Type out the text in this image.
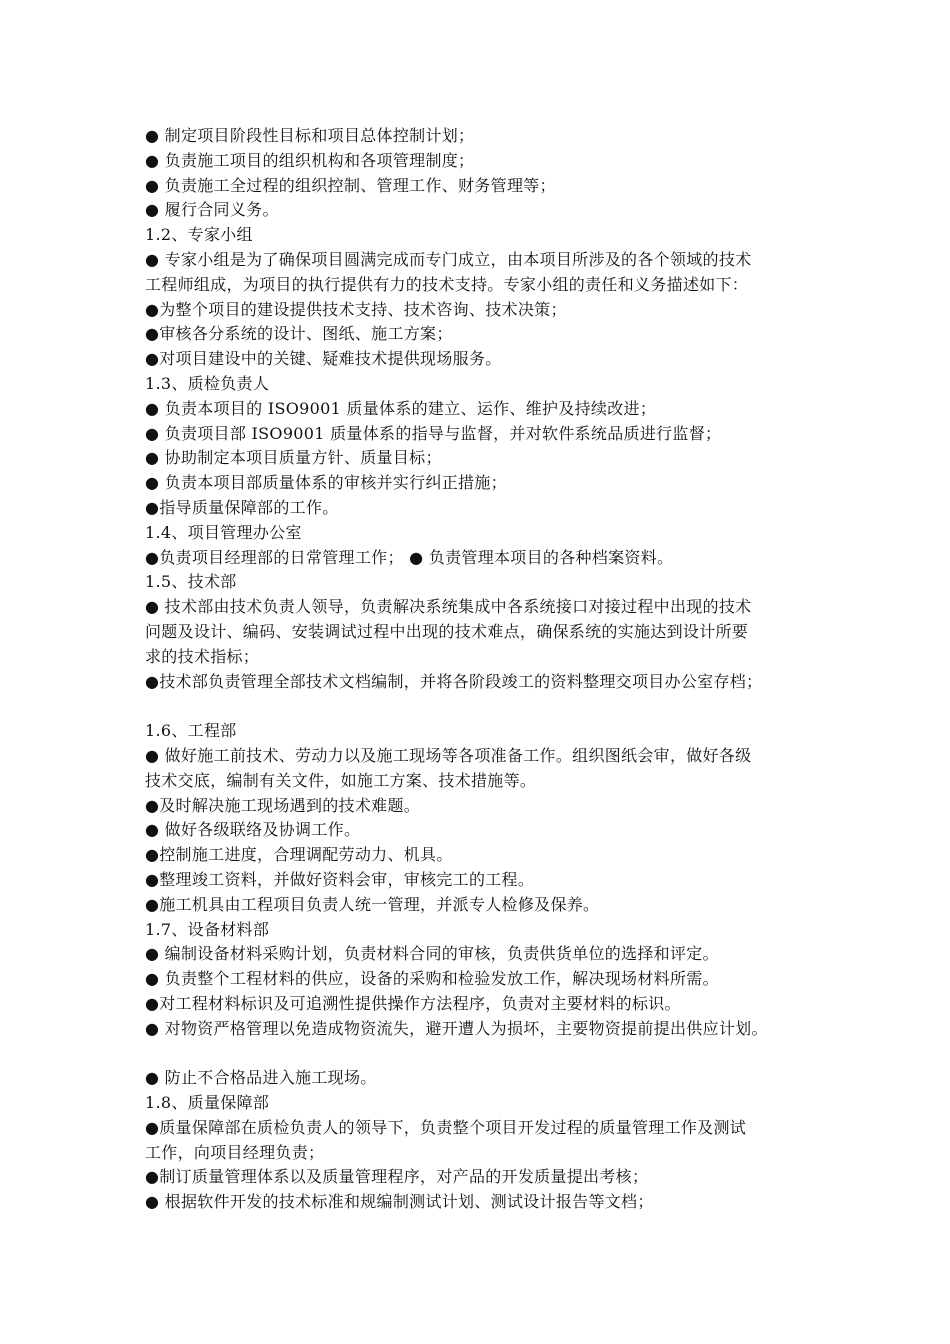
● 制定项目阶段性目标和项目总体控制计划；
● 负责施工项目的组织机构和各项管理制度；
● 负责施工全过程的组织控制、管理工作、财务管理等；
● 履行合同义务。
1.2、专家小组
● 专家小组是为了确保项目圆满完成而专门成立，由本项目所涉及的各个领域的技术
工程师组成，为项目的执行提供有力的技术支持。专家小组的责任和义务描述如下：
●为整个项目的建设提供技术支持、技术咨询、技术决策；
●审核各分系统的设计、图纸、施工方案；
●对项目建设中的关键、疑难技术提供现场服务。
1.3、质检负责人
● 负责本项目的 ISO9001 质量体系的建立、运作、维护及持续改进；
● 负责项目部 ISO9001 质量体系的指导与监督，并对软件系统品质进行监督；
● 协助制定本项目质量方针、质量目标；
● 负责本项目部质量体系的审核并实行纠正措施；
●指导质量保障部的工作。
1.4、项目管理办公室
●负责项目经理部的日常管理工作； ● 负责管理本项目的各种档案资料。
1.5、技术部
● 技术部由技术负责人领导，负责解决系统集成中各系统接口对接过程中出现的技术
问题及设计、编码、安装调试过程中出现的技术难点，确保系统的实施达到设计所要
求的技术指标；
●技术部负责管理全部技术文档编制，并将各阶段竣工的资料整理交项目办公室存档；
1.6、工程部
● 做好施工前技术、劳动力以及施工现场等各项准备工作。组织图纸会审，做好各级
技术交底，编制有关文件，如施工方案、技术措施等。
●及时解决施工现场遇到的技术难题。
● 做好各级联络及协调工作。
●控制施工进度，合理调配劳动力、机具。
●整理竣工资料，并做好资料会审，审核完工的工程。
●施工机具由工程项目负责人统一管理，并派专人检修及保养。
1.7、设备材料部
● 编制设备材料采购计划，负责材料合同的审核，负责供货单位的选择和评定。
● 负责整个工程材料的供应，设备的采购和检验发放工作，解决现场材料所需。
●对工程材料标识及可追溯性提供操作方法程序，负责对主要材料的标识。
● 对物资严格管理以免造成物资流失，避开遭人为损坏，主要物资提前提出供应计划。
● 防止不合格品进入施工现场。
1.8、质量保障部
●质量保障部在质检负责人的领导下，负责整个项目开发过程的质量管理工作及测试
工作，向项目经理负责；
●制订质量管理体系以及质量管理程序，对产品的开发质量提出考核；
● 根据软件开发的技术标准和规编制测试计划、测试设计报告等文档；
